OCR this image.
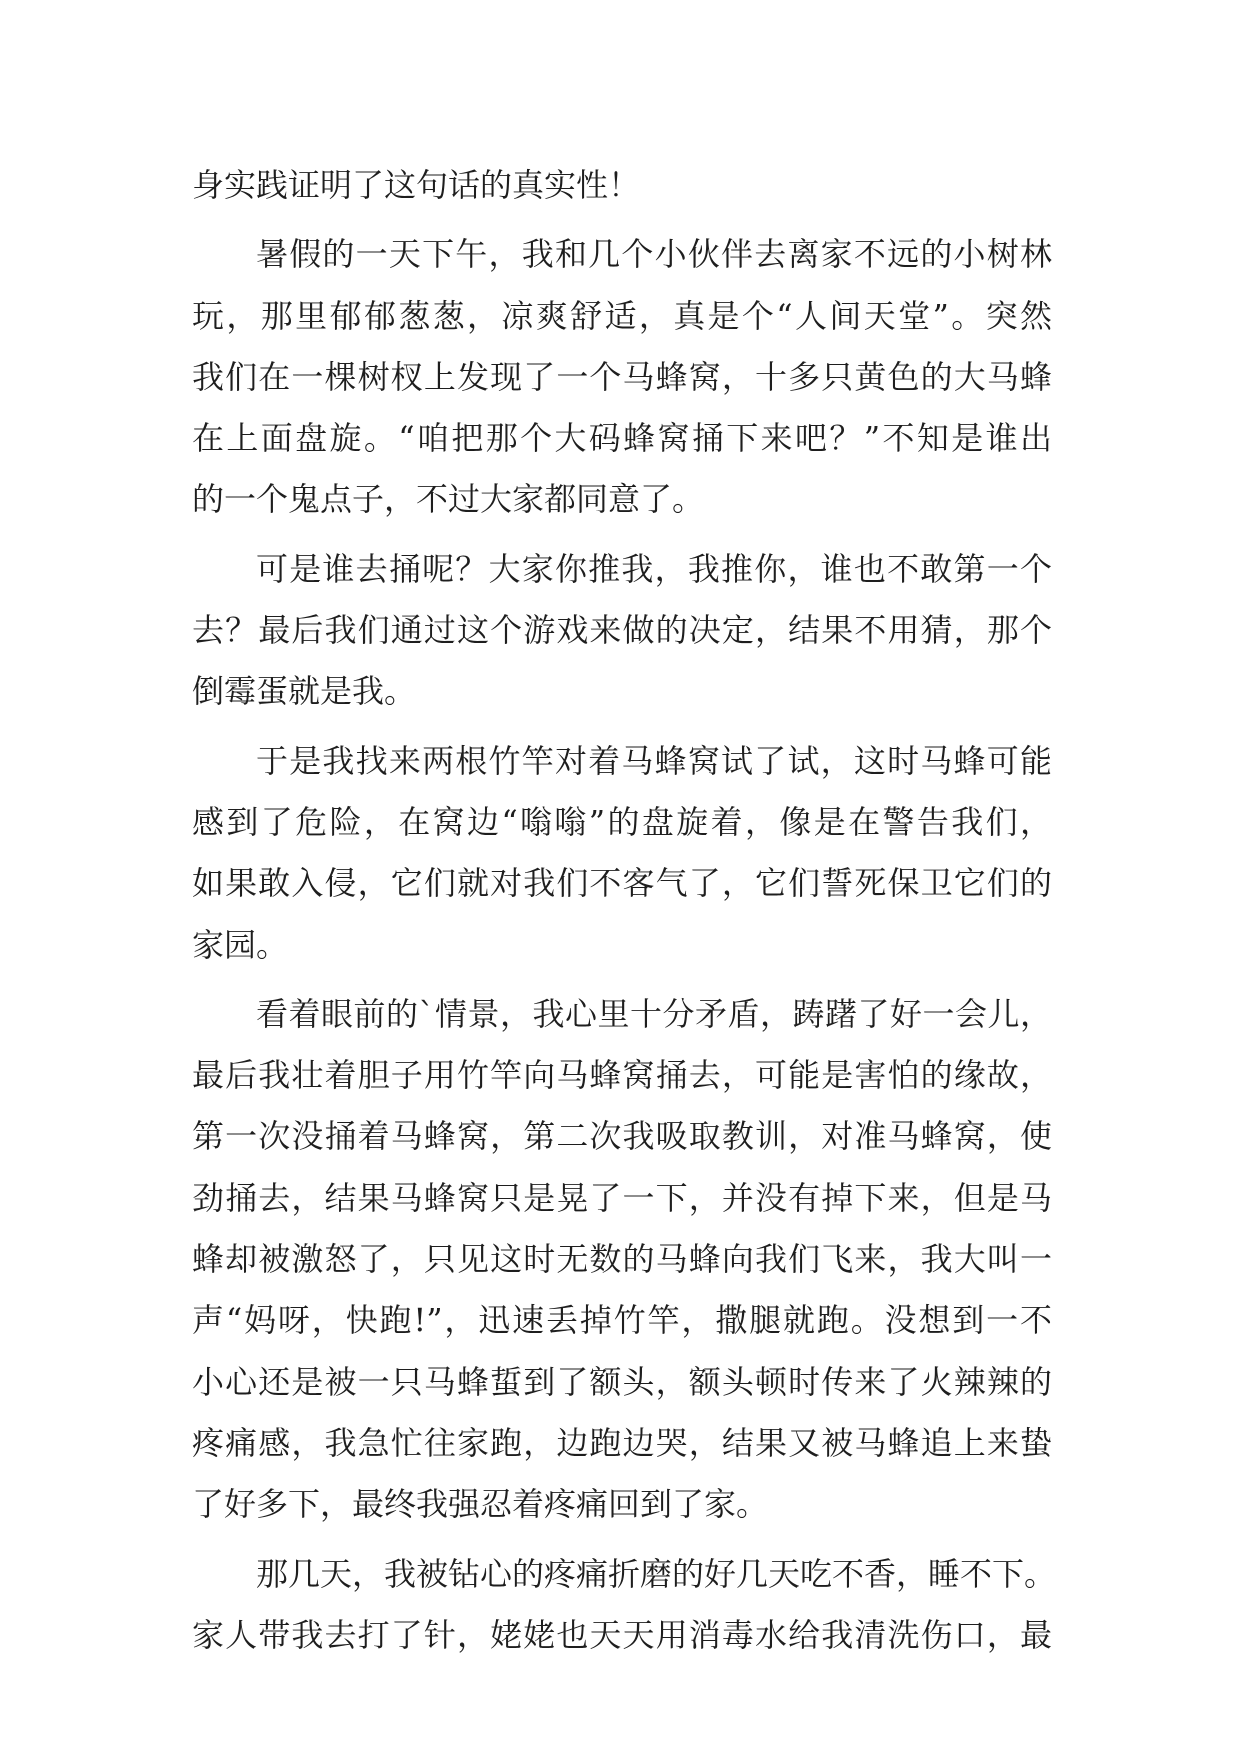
身实践证明了这句话的真实性！
暑假的一天下午，我和几个小伙伴去离家不远的小树林
玩，那里郁郁葱葱，凉爽舒适，真是个“人间天堂”。突然
我们在一棵树杈上发现了一个马蜂窝，十多只黄色的大马蜂
在上面盘旋。“咱把那个大码蜂窝捅下来吧？”不知是谁出
的一个鬼点子，不过大家都同意了。
可是谁去捅呢？大家你推我，我推你，谁也不敢第一个
去？最后我们通过这个游戏来做的决定，结果不用猜，那个
倒霉蛋就是我。
于是我找来两根竹竿对着马蜂窝试了试，这时马蜂可能
感到了危险，在窝边“嗡嗡”的盘旋着，像是在警告我们，
如果敢入侵，它们就对我们不客气了，它们誓死保卫它们的
家园。
看着眼前的`情景，我心里十分矛盾，踌躇了好一会儿，
最后我壮着胆子用竹竿向马蜂窝捅去，可能是害怕的缘故，
第一次没捅着马蜂窝，第二次我吸取教训，对准马蜂窝，使
劲捅去，结果马蜂窝只是晃了一下，并没有掉下来，但是马
蜂却被激怒了，只见这时无数的马蜂向我们飞来，我大叫一
声“妈呀，快跑!”，迅速丢掉竹竿，撒腿就跑。没想到一不
小心还是被一只马蜂蜇到了额头，额头顿时传来了火辣辣的
疼痛感，我急忙往家跑，边跑边哭，结果又被马蜂追上来蛰
了好多下，最终我强忍着疼痛回到了家。
那几天，我被钻心的疼痛折磨的好几天吃不香，睡不下。
家人带我去打了针，姥姥也天天用消毒水给我清洗伤口，最
